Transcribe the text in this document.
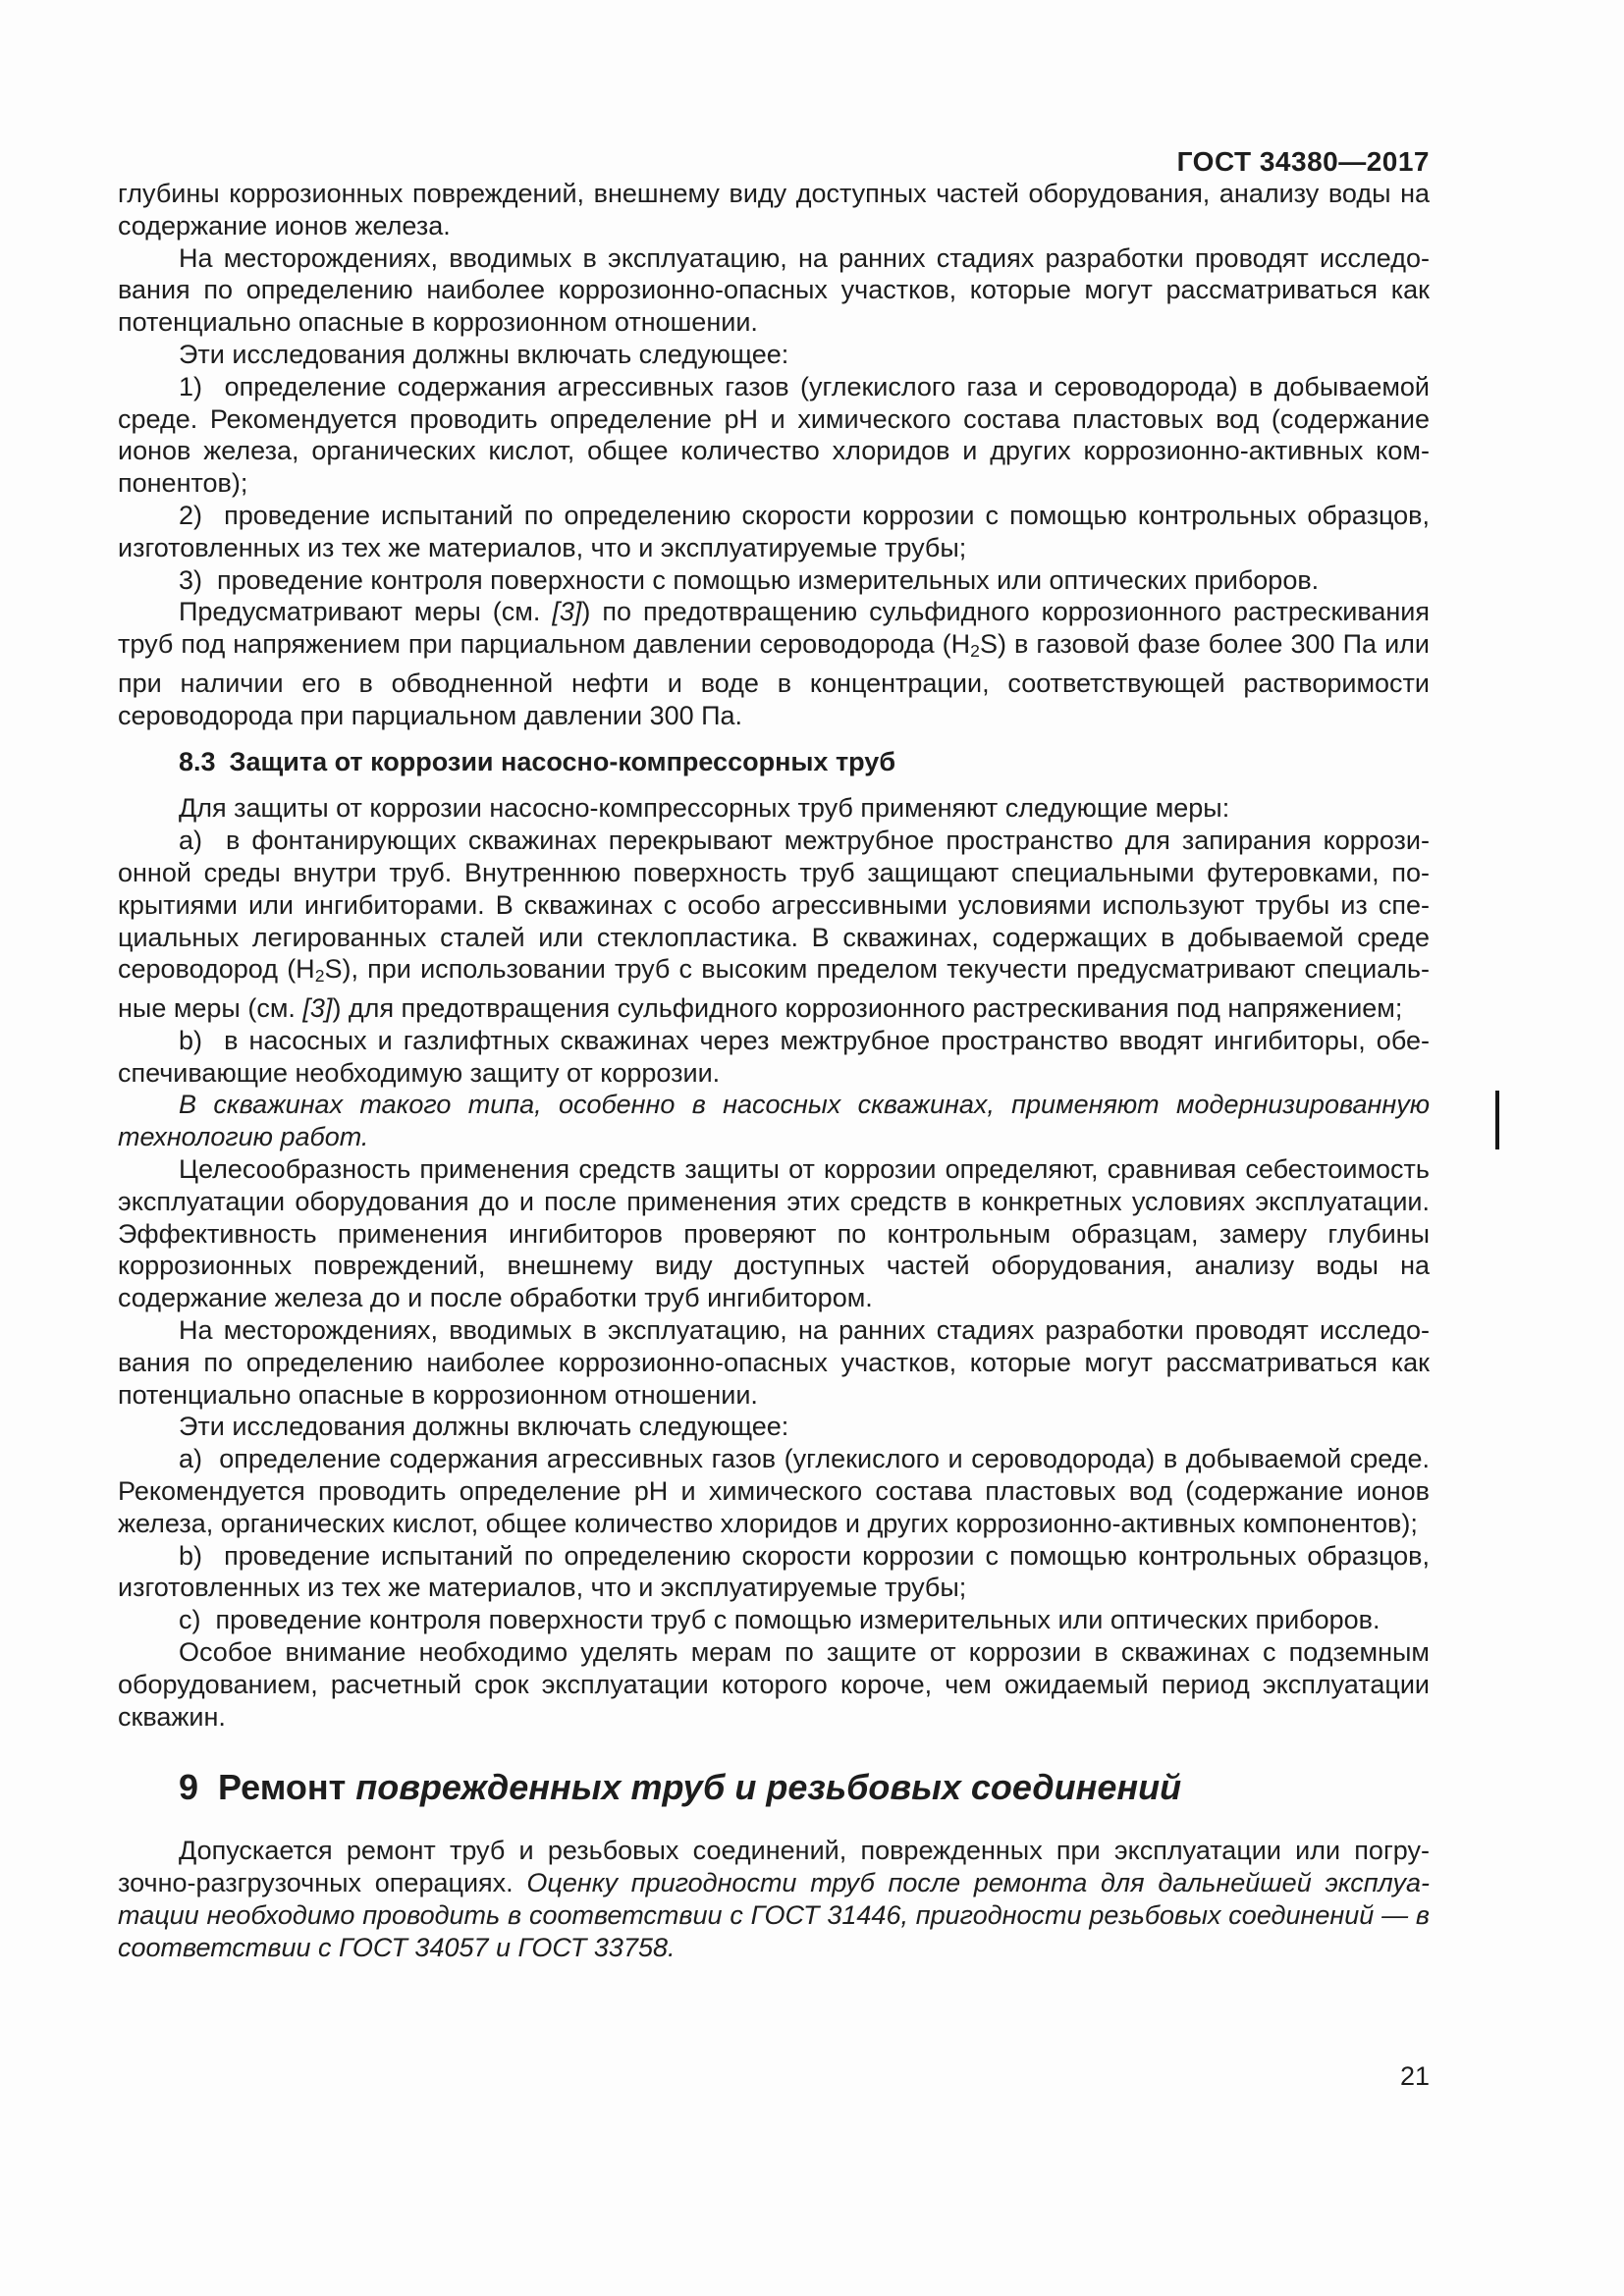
ГОСТ 34380—2017

глубины коррозионных повреждений, внешнему виду доступных частей оборудования, анализу воды на содержание ионов железа.

На месторождениях, вводимых в эксплуатацию, на ранних стадиях разработки проводят исследования по определению наиболее коррозионно-опасных участков, которые могут рассматриваться как потенциально опасные в коррозионном отношении.

Эти исследования должны включать следующее:

1)  определение содержания агрессивных газов (углекислого газа и сероводорода) в добываемой среде. Рекомендуется проводить определение pH и химического состава пластовых вод (содержание ионов железа, органических кислот, общее количество хлоридов и других коррозионно-активных компонентов);

2)  проведение испытаний по определению скорости коррозии с помощью контрольных образцов, изготовленных из тех же материалов, что и эксплуатируемые трубы;

3)  проведение контроля поверхности с помощью измерительных или оптических приборов.

Предусматривают меры (см. [3]) по предотвращению сульфидного коррозионного растрескивания труб под напряжением при парциальном давлении сероводорода $(H_2S)$ в газовой фазе более 300 Па или при наличии его в обводненной нефти и воде в концентрации, соответствующей растворимости сероводорода при парциальном давлении 300 Па.

8.3 Защита от коррозии насосно-компрессорных труб

Для защиты от коррозии насосно-компрессорных труб применяют следующие меры:

а)  в фонтанирующих скважинах перекрывают межтрубное пространство для запирания коррозионной среды внутри труб. Внутреннюю поверхность труб защищают специальными футеровками, покрытиями или ингибиторами. В скважинах с особо агрессивными условиями используют трубы из специальных легированных сталей или стеклопластика. В скважинах, содержащих в добываемой среде сероводород $(H_2S)$, при использовании труб с высоким пределом текучести предусматривают специальные меры (см. [3]) для предотвращения сульфидного коррозионного растрескивания под напряжением;

b)  в насосных и газлифтных скважинах через межтрубное пространство вводят ингибиторы, обеспечивающие необходимую защиту от коррозии.

В скважинах такого типа, особенно в насосных скважинах, применяют модернизированную технологию работ.

Целесообразность применения средств защиты от коррозии определяют, сравнивая себестоимость эксплуатации оборудования до и после применения этих средств в конкретных условиях эксплуатации. Эффективность применения ингибиторов проверяют по контрольным образцам, замеру глубины коррозионных повреждений, внешнему виду доступных частей оборудования, анализу воды на содержание железа до и после обработки труб ингибитором.

На месторождениях, вводимых в эксплуатацию, на ранних стадиях разработки проводят исследования по определению наиболее коррозионно-опасных участков, которые могут рассматриваться как потенциально опасные в коррозионном отношении.

Эти исследования должны включать следующее:

а)  определение содержания агрессивных газов (углекислого и сероводорода) в добываемой среде. Рекомендуется проводить определение pH и химического состава пластовых вод (содержание ионов железа, органических кислот, общее количество хлоридов и других коррозионно-активных компонентов);

b)  проведение испытаний по определению скорости коррозии с помощью контрольных образцов, изготовленных из тех же материалов, что и эксплуатируемые трубы;

c)  проведение контроля поверхности труб с помощью измерительных или оптических приборов.

Особое внимание необходимо уделять мерам по защите от коррозии в скважинах с подземным оборудованием, расчетный срок эксплуатации которого короче, чем ожидаемый период эксплуатации скважин.

9 Ремонт поврежденных труб и резьбовых соединений

Допускается ремонт труб и резьбовых соединений, поврежденных при эксплуатации или погрузочно-разгрузочных операциях. Оценку пригодности труб после ремонта для дальнейшей эксплуатации необходимо проводить в соответствии с ГОСТ 31446, пригодности резьбовых соединений — в соответствии с ГОСТ 34057 и ГОСТ 33758.

21
